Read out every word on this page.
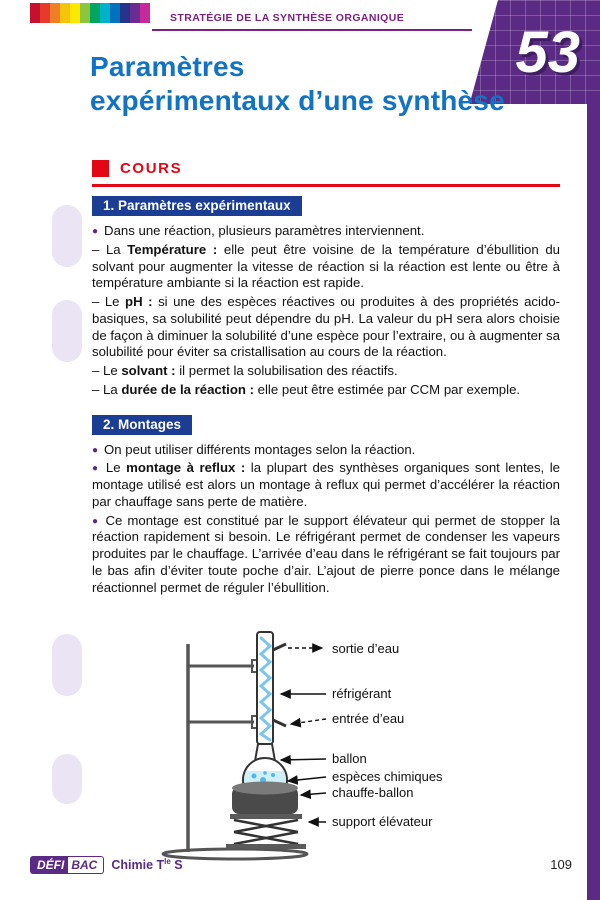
STRATÉGIE DE LA SYNTHÈSE ORGANIQUE
53
Paramètres
expérimentaux d’une synthèse
COURS
1. Paramètres expérimentaux

● Dans une réaction, plusieurs paramètres interviennent.

– La Température : elle peut être voisine de la température d’ébullition du solvant pour augmenter la vitesse de réaction si la réaction est lente ou être à température ambiante si la réaction est rapide.

– Le pH : si une des espèces réactives ou produites à des propriétés acido-basiques, sa solubilité peut dépendre du pH. La valeur du pH sera alors choisie de façon à diminuer la solubilité d’une espèce pour l’extraire, ou à augmenter sa solubilité pour éviter sa cristallisation au cours de la réaction.

– Le solvant : il permet la solubilisation des réactifs.

– La durée de la réaction : elle peut être estimée par CCM par exemple.

2. Montages

● On peut utiliser différents montages selon la réaction.

● Le montage à reflux : la plupart des synthèses organiques sont lentes, le montage utilisé est alors un montage à reflux qui permet d’accélérer la réaction par chauffage sans perte de matière.

● Ce montage est constitué par le support élévateur qui permet de stopper la réaction rapidement si besoin. Le réfrigérant permet de condenser les vapeurs produites par le chauffage. L’arrivée d’eau dans le réfrigérant se fait toujours par le bas afin d’éviter toute poche d’air. L’ajout de pierre ponce dans le mélange réactionnel permet de réguler l’ébullition.

sortie d’eau
réfrigérant
entrée d’eau
ballon
espèces chimiques
chauffe-ballon
support élévateur
DÉFI BAC	Chimie $T^{le}$ S	109
